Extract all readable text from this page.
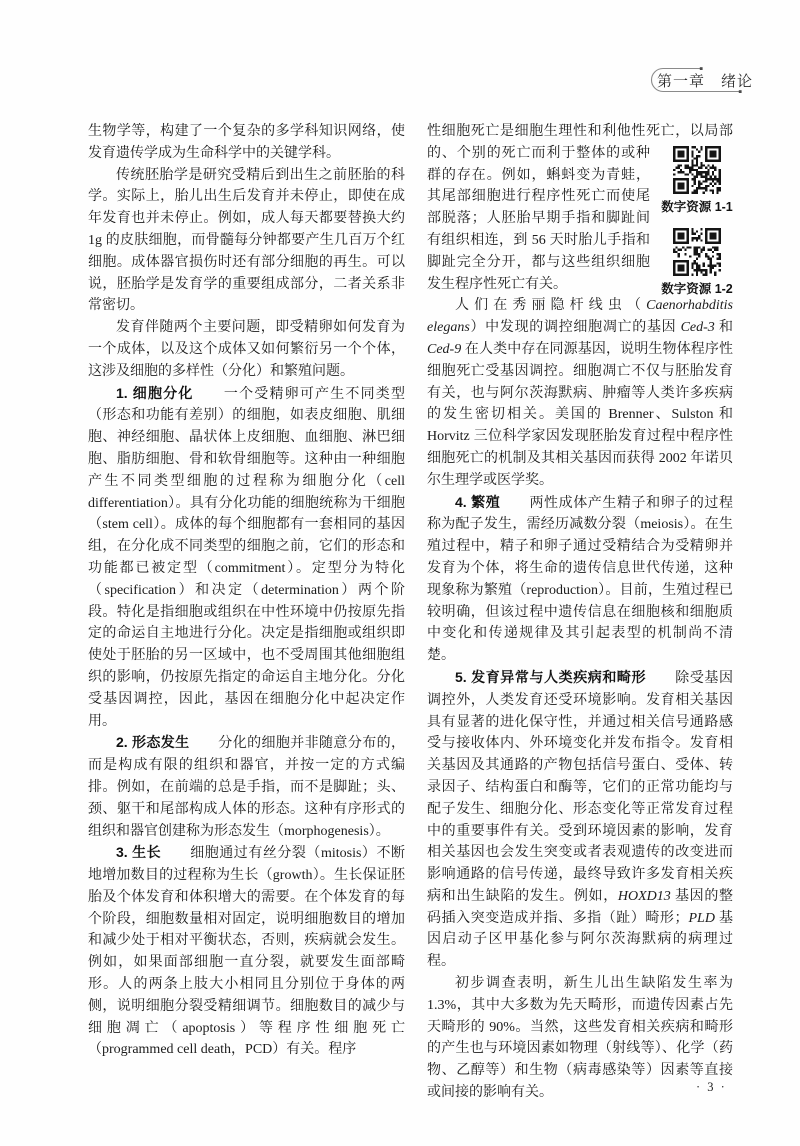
第一章　绪论

生物学等，构建了一个复杂的多学科知识网络，使发育遗传学成为生命科学中的关键学科。

传统胚胎学是研究受精后到出生之前胚胎的科学。实际上，胎儿出生后发育并未停止，即使在成年发育也并未停止。例如，成人每天都要替换大约 1g 的皮肤细胞，而骨髓每分钟都要产生几百万个红细胞。成体器官损伤时还有部分细胞的再生。可以说，胚胎学是发育学的重要组成部分，二者关系非常密切。

发育伴随两个主要问题，即受精卵如何发育为一个成体，以及这个成体又如何繁衍另一个个体，这涉及细胞的多样性（分化）和繁殖问题。

1. 细胞分化　　一个受精卵可产生不同类型（形态和功能有差别）的细胞，如表皮细胞、肌细胞、神经细胞、晶状体上皮细胞、血细胞、淋巴细胞、脂肪细胞、骨和软骨细胞等。这种由一种细胞产生不同类型细胞的过程称为细胞分化（cell differentiation）。具有分化功能的细胞统称为干细胞（stem cell）。成体的每个细胞都有一套相同的基因组，在分化成不同类型的细胞之前，它们的形态和功能都已被定型（commitment）。定型分为特化（specification）和决定（determination）两个阶段。特化是指细胞或组织在中性环境中仍按原先指定的命运自主地进行分化。决定是指细胞或组织即使处于胚胎的另一区域中，也不受周围其他细胞组织的影响，仍按原先指定的命运自主地分化。分化受基因调控，因此，基因在细胞分化中起决定作用。

2. 形态发生　　分化的细胞并非随意分布的，而是构成有限的组织和器官，并按一定的方式编排。例如，在前端的总是手指，而不是脚趾；头、颈、躯干和尾部构成人体的形态。这种有序形式的组织和器官创建称为形态发生（morphogenesis）。

3. 生长　　细胞通过有丝分裂（mitosis）不断地增加数目的过程称为生长（growth）。生长保证胚胎及个体发育和体积增大的需要。在个体发育的每个阶段，细胞数量相对固定，说明细胞数目的增加和减少处于相对平衡状态，否则，疾病就会发生。例如，如果面部细胞一直分裂，就要发生面部畸形。人的两条上肢大小相同且分别位于身体的两侧，说明细胞分裂受精细调节。细胞数目的减少与细胞凋亡（apoptosis）等程序性细胞死亡（programmed cell death，PCD）有关。程序

性细胞死亡是细胞生理性和利他性死亡，以局部
的、个别的死亡而利于整体的或种群的存在。例如，蝌蚪变为青蛙，其尾部细胞进行程序性死亡而使尾部脱落；人胚胎早期手指和脚趾间有组织相连，到 56 天时胎儿手指和脚趾完全分开，都与这些组织细胞发生程序性死亡有关。

人们在秀丽隐杆线虫（Caenorhabditis elegans）中发现的调控细胞凋亡的基因 Ced-3 和 Ced-9 在人类中存在同源基因，说明生物体程序性细胞死亡受基因调控。细胞凋亡不仅与胚胎发育有关，也与阿尔茨海默病、肿瘤等人类许多疾病的发生密切相关。美国的 Brenner、Sulston 和 Horvitz 三位科学家因发现胚胎发育过程中程序性细胞死亡的机制及其相关基因而获得 2002 年诺贝尔生理学或医学奖。

4. 繁殖　　两性成体产生精子和卵子的过程称为配子发生，需经历减数分裂（meiosis）。在生殖过程中，精子和卵子通过受精结合为受精卵并发育为个体，将生命的遗传信息世代传递，这种现象称为繁殖（reproduction）。目前，生殖过程已较明确，但该过程中遗传信息在细胞核和细胞质中变化和传递规律及其引起表型的机制尚不清楚。

5. 发育异常与人类疾病和畸形　　除受基因调控外，人类发育还受环境影响。发育相关基因具有显著的进化保守性，并通过相关信号通路感受与接收体内、外环境变化并发布指令。发育相关基因及其通路的产物包括信号蛋白、受体、转录因子、结构蛋白和酶等，它们的正常功能均与配子发生、细胞分化、形态变化等正常发育过程中的重要事件有关。受到环境因素的影响，发育相关基因也会发生突变或者表观遗传的改变进而影响通路的信号传递，最终导致许多发育相关疾病和出生缺陷的发生。例如，HOXD13 基因的整码插入突变造成并指、多指（趾）畸形；PLD 基因启动子区甲基化参与阿尔茨海默病的病理过程。

初步调查表明，新生儿出生缺陷发生率为 1.3%，其中大多数为先天畸形，而遗传因素占先天畸形的 90%。当然，这些发育相关疾病和畸形的产生也与环境因素如物理（射线等）、化学（药物、乙醇等）和生物（病毒感染等）因素等直接或间接的影响有关。

数字资源 1-1
数字资源 1-2
· 3 ·
